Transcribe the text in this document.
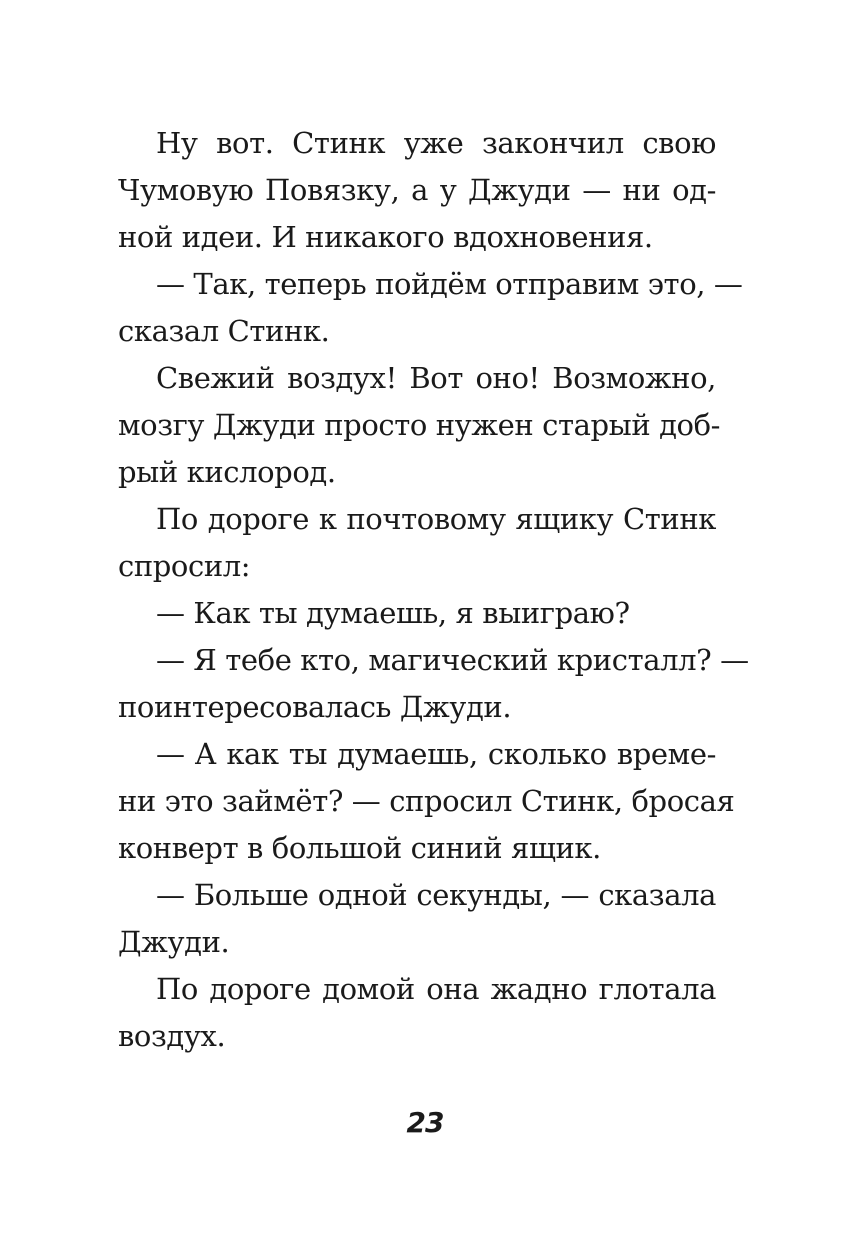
Ну вот. Стинк уже закончил свою
Чумовую Повязку, а у Джуди — ни од-
ной идеи. И никакого вдохновения.
— Так, теперь пойдём отправим это, —
сказал Стинк.
Свежий воздух! Вот оно! Возможно,
мозгу Джуди просто нужен старый доб-
рый кислород.
По дороге к почтовому ящику Стинк
спросил:
— Как ты думаешь, я выиграю?
— Я тебе кто, магический кристалл? —
поинтересовалась Джуди.
— А как ты думаешь, сколько време-
ни это займёт? — спросил Стинк, бросая
конверт в большой синий ящик.
— Больше одной секунды, — сказала
Джуди.
По дороге домой она жадно глотала
воздух.
23
